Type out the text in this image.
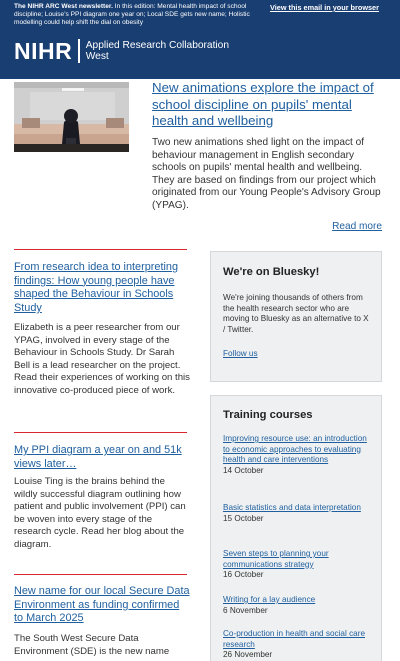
The NIHR ARC West newsletter. In this edition: Mental health impact of school discipline; Louise's PPI diagram one year on; Local SDE gets new name; Holistic modelling could help shift the dial on obesity
View this email in your browser
NIHR Applied Research Collaboration
West
New animations explore the impact of school discipline on pupils' mental health and wellbeing

Two new animations shed light on the impact of behaviour management in English secondary schools on pupils' mental health and wellbeing. They are based on findings from our project which originated from our Young People's Advisory Group (YPAG).

Read more
From research idea to interpreting findings: How young people have shaped the Behaviour in Schools Study

Elizabeth is a peer researcher from our YPAG, involved in every stage of the Behaviour in Schools Study. Dr Sarah Bell is a lead researcher on the project. Read their experiences of working on this innovative co-produced piece of work.

My PPI diagram a year on and 51k views later…

Louise Ting is the brains behind the wildly successful diagram outlining how patient and public involvement (PPI) can be woven into every stage of the research cycle. Read her blog about the diagram.

New name for our local Secure Data Environment as funding confirmed to March 2025

The South West Secure Data Environment (SDE) is the new name

We're on Bluesky!

We're joining thousands of others from the health research sector who are moving to Bluesky as an alternative to X / Twitter.

Follow us
Training courses
Improving resource use: an introduction to economic approaches to evaluating health and care interventions
14 October
Basic statistics and data interpretation
15 October
Seven steps to planning your communications strategy
16 October
Writing for a lay audience
6 November
Co-production in health and social care research
26 November
